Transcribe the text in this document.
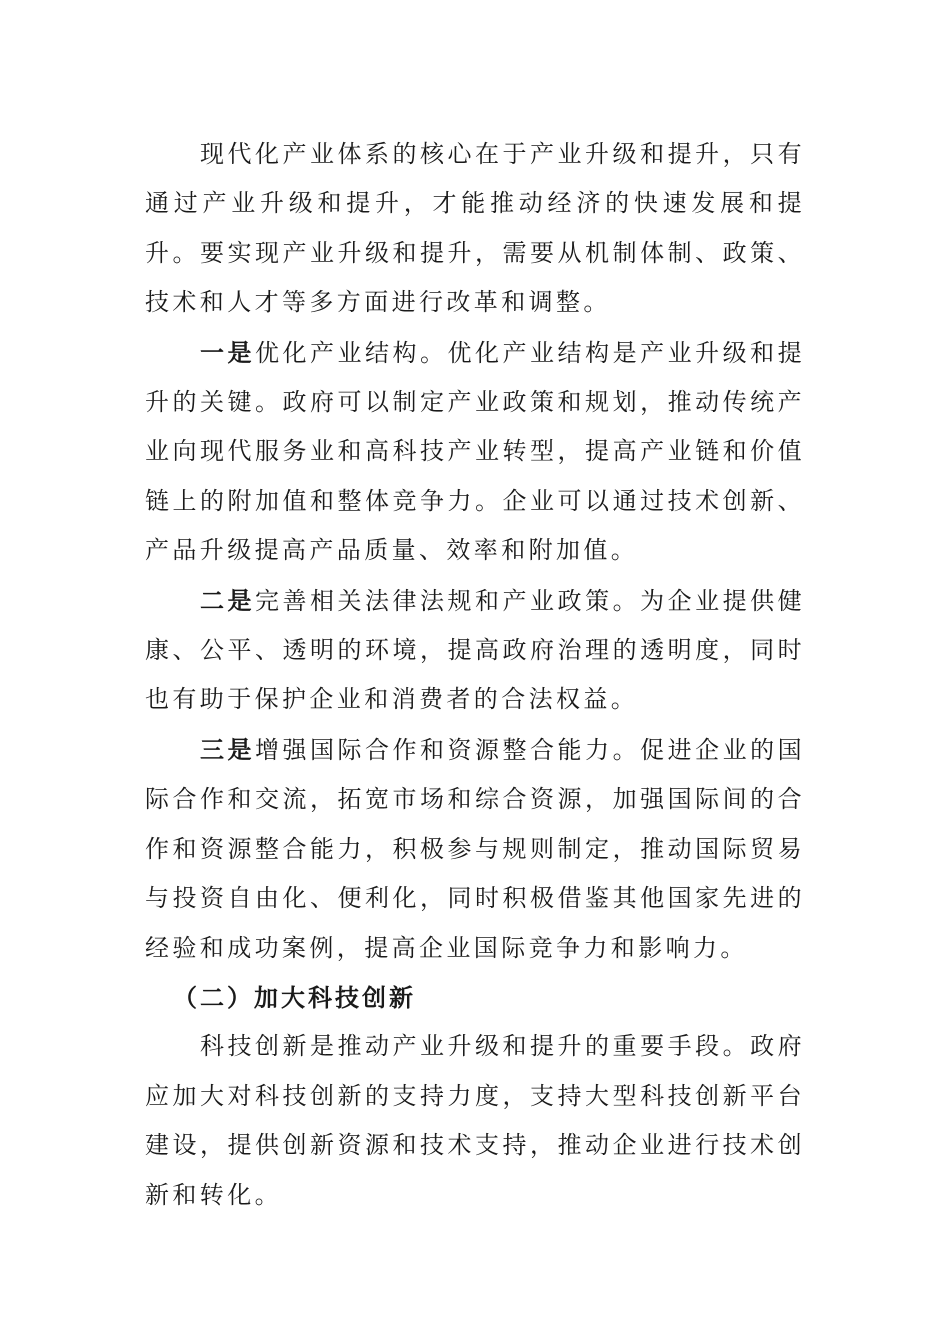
现代化产业体系的核心在于产业升级和提升，只有通过产业升级和提升，才能推动经济的快速发展和提升。要实现产业升级和提升，需要从机制体制、政策、技术和人才等多方面进行改革和调整。

一是优化产业结构。优化产业结构是产业升级和提升的关键。政府可以制定产业政策和规划，推动传统产业向现代服务业和高科技产业转型，提高产业链和价值链上的附加值和整体竞争力。企业可以通过技术创新、产品升级提高产品质量、效率和附加值。

二是完善相关法律法规和产业政策。为企业提供健康、公平、透明的环境，提高政府治理的透明度，同时也有助于保护企业和消费者的合法权益。

三是增强国际合作和资源整合能力。促进企业的国际合作和交流，拓宽市场和综合资源，加强国际间的合作和资源整合能力，积极参与规则制定，推动国际贸易与投资自由化、便利化，同时积极借鉴其他国家先进的经验和成功案例，提高企业国际竞争力和影响力。

（二）加大科技创新

科技创新是推动产业升级和提升的重要手段。政府应加大对科技创新的支持力度，支持大型科技创新平台建设，提供创新资源和技术支持，推动企业进行技术创新和转化。
